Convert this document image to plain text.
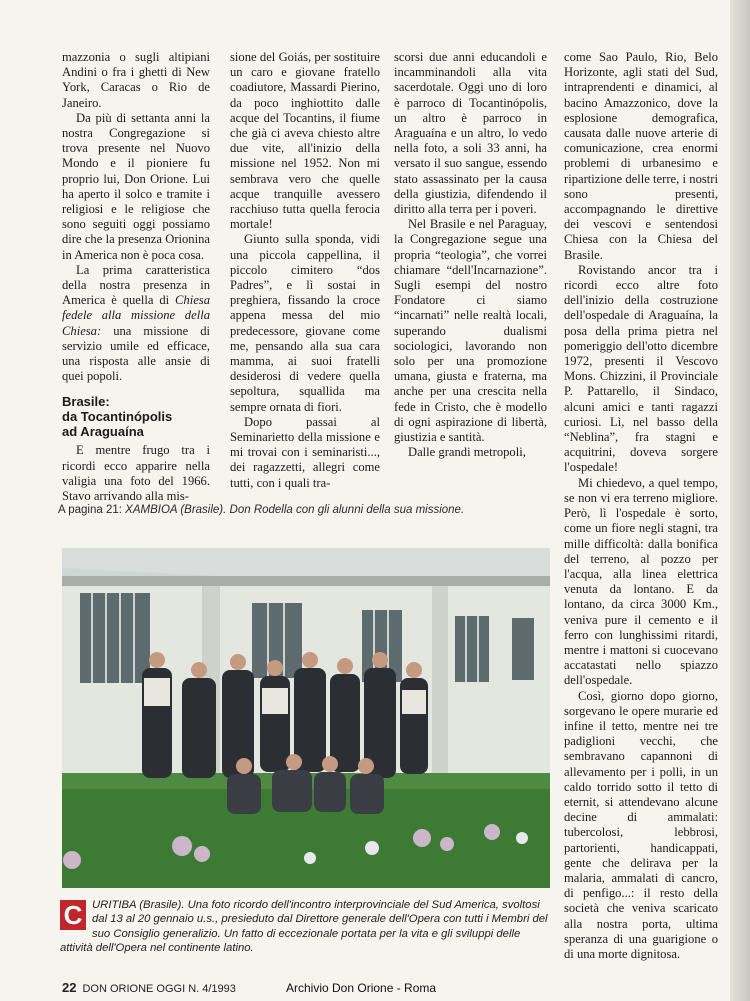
mazzonia o sugli altipiani Andini o fra i ghetti di New York, Caracas o Rio de Janeiro.

Da più di settanta anni la nostra Congregazione si trova presente nel Nuovo Mondo e il pioniere fu proprio lui, Don Orione. Lui ha aperto il solco e tramite i religiosi e le religiose che sono seguiti oggi possiamo dire che la presenza Orionina in America non è poca cosa.

La prima caratteristica della nostra presenza in America è quella di Chiesa fedele alla missione della Chiesa: una missione di servizio umile ed efficace, una risposta alle ansie di quei popoli.

Brasile:
da Tocantinópolis
ad Araguaína

E mentre frugo tra i ricordi ecco apparire nella valigia una foto del 1966. Stavo arrivando alla mis-

sione del Goiás, per sostituire un caro e giovane fratello coadiutore, Massardi Pierino, da poco inghiottito dalle acque del Tocantins, il fiume che già ci aveva chiesto altre due vite, all'inizio della missione nel 1952. Non mi sembrava vero che quelle acque tranquille avessero racchiuso tutta quella ferocia mortale!

Giunto sulla sponda, vidi una piccola cappellina, il piccolo cimitero “dos Padres”, e lì sostai in preghiera, fissando la croce appena messa del mio predecessore, giovane come me, pensando alla sua cara mamma, ai suoi fratelli desiderosi di vedere quella sepoltura, squallida ma sempre ornata di fiori.

Dopo passai al Seminarietto della missione e mi trovai con i seminaristi..., dei ragazzetti, allegri come tutti, con i quali tra-

scorsi due anni educandoli e incamminandoli alla vita sacerdotale. Oggi uno di loro è parroco di Tocantinópolis, un altro è parroco in Araguaína e un altro, lo vedo nella foto, a soli 33 anni, ha versato il suo sangue, essendo stato assassinato per la causa della giustizia, difendendo il diritto alla terra per i poveri.

Nel Brasile e nel Paraguay, la Congregazione segue una propria “teologia”, che vorrei chiamare “dell'Incarnazione”. Sugli esempi del nostro Fondatore ci siamo “incarnati” nelle realtà locali, superando dualismi sociologici, lavorando non solo per una promozione umana, giusta e fraterna, ma anche per una crescita nella fede in Cristo, che è modello di ogni aspirazione di libertà, giustizia e santità.

Dalle grandi metropoli,

come Sao Paulo, Rio, Belo Horizonte, agli stati del Sud, intraprendenti e dinamici, al bacino Amazzonico, dove la esplosione demografica, causata dalle nuove arterie di comunicazione, crea enormi problemi di urbanesimo e ripartizione delle terre, i nostri sono presenti, accompagnando le direttive dei vescovi e sentendosi Chiesa con la Chiesa del Brasile.

Rovistando ancor tra i ricordi ecco altre foto dell'inizio della costruzione dell'ospedale di Araguaína, la posa della prima pietra nel pomeriggio dell'otto dicembre 1972, presenti il Vescovo Mons. Chizzini, il Provinciale P. Pattarello, il Sindaco, alcuni amici e tanti ragazzi curiosi. Lì, nel basso della “Neblina”, fra stagni e acquitrini, doveva sorgere l'ospedale!

Mi chiedevo, a quel tempo, se non vi era terreno migliore. Però, lì l'ospedale è sorto, come un fiore negli stagni, tra mille difficoltà: dalla bonifica del terreno, al pozzo per l'acqua, alla linea elettrica venuta da lontano. E da lontano, da circa 3000 Km., veniva pure il cemento e il ferro con lunghissimi ritardi, mentre i mattoni si cuocevano accatastati nello spiazzo dell'ospedale.

Così, giorno dopo giorno, sorgevano le opere murarie ed infine il tetto, mentre nei tre padiglioni vecchi, che sembravano capannoni di allevamento per i polli, in un caldo torrido sotto il tetto di eternit, si attendevano alcune decine di ammalati: tubercolosi, lebbrosi, partorienti, handicappati, gente che delirava per la malaria, ammalati di cancro, di penfigo...: il resto della società che veniva scaricato alla nostra porta, ultima speranza di una guarigione o di una morte dignitosa.

A pagina 21: XAMBIOA (Brasile). Don Rodella con gli alunni della sua missione.
C URITIBA (Brasile). Una foto ricordo dell'incontro interprovinciale del Sud America, svoltosi dal 13 al 20 gennaio u.s., presieduto dal Direttore generale dell'Opera con tutti i Membri del suo Consiglio generalizio. Un fatto di eccezionale portata per la vita e gli sviluppi delle attività dell'Opera nel continente latino.
22 DON ORIONE OGGI N. 4/1993	Archivio Don Orione - Roma
